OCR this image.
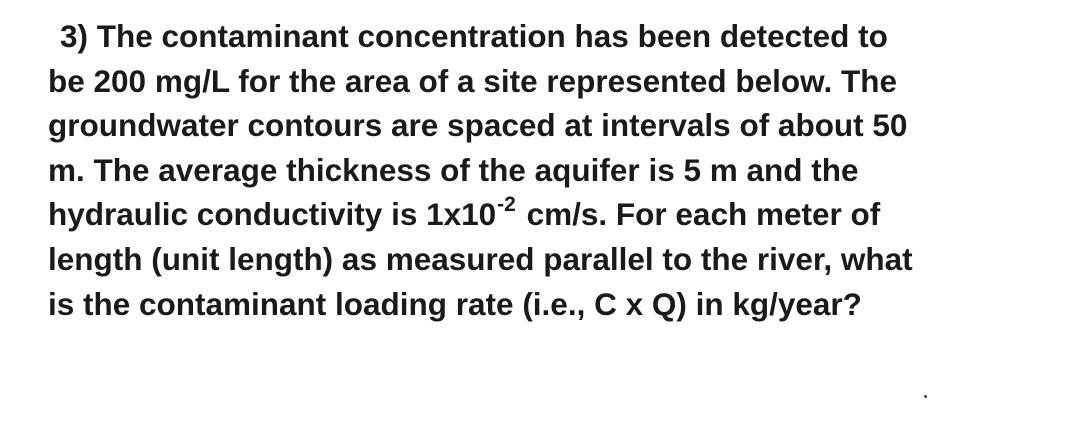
3) The contaminant concentration has been detected to
be 200 mg/L for the area of a site represented below. The
groundwater contours are spaced at intervals of about 50
m. The average thickness of the aquifer is 5 m and the
hydraulic conductivity is $1x10^{-2}$ cm/s. For each meter of
length (unit length) as measured parallel to the river, what
is the contaminant loading rate (i.e., C x Q) in kg/year?
